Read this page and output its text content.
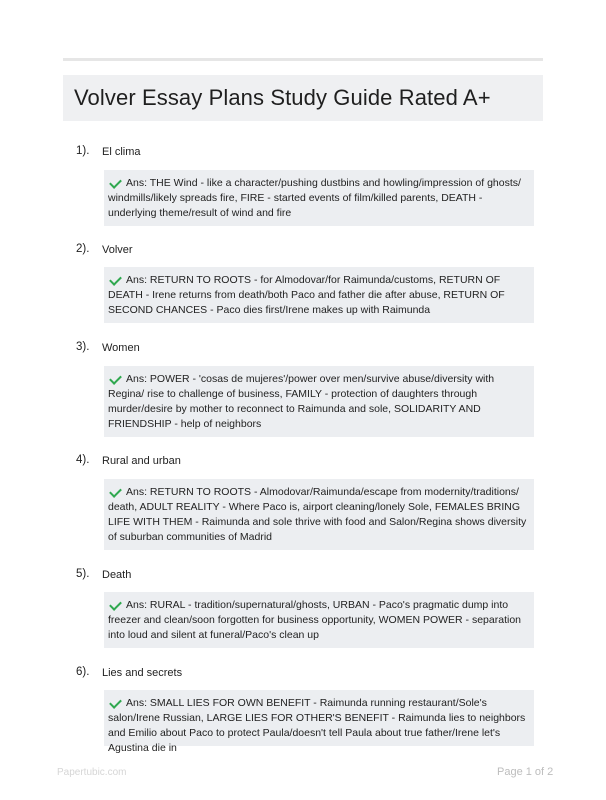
Volver Essay Plans Study Guide Rated A+
1). El clima
Ans: THE Wind - like a character/pushing dustbins and howling/impression of ghosts/ windmills/likely spreads fire, FIRE - started events of film/killed parents, DEATH - underlying theme/result of wind and fire
2). Volver
Ans: RETURN TO ROOTS - for Almodovar/for Raimunda/customs, RETURN OF DEATH - Irene returns from death/both Paco and father die after abuse, RETURN OF SECOND CHANCES - Paco dies first/Irene makes up with Raimunda
3). Women
Ans: POWER - 'cosas de mujeres'/power over men/survive abuse/diversity with Regina/ rise to challenge of business, FAMILY - protection of daughters through murder/desire by mother to reconnect to Raimunda and sole, SOLIDARITY AND FRIENDSHIP - help of neighbors
4). Rural and urban
Ans: RETURN TO ROOTS - Almodovar/Raimunda/escape from modernity/traditions/ death, ADULT REALITY - Where Paco is, airport cleaning/lonely Sole, FEMALES BRING LIFE WITH THEM - Raimunda and sole thrive with food and Salon/Regina shows diversity of suburban communities of Madrid
5). Death
Ans: RURAL - tradition/supernatural/ghosts, URBAN - Paco's pragmatic dump into freezer and clean/soon forgotten for business opportunity, WOMEN POWER - separation into loud and silent at funeral/Paco's clean up
6). Lies and secrets
Ans: SMALL LIES FOR OWN BENEFIT - Raimunda running restaurant/Sole's salon/Irene Russian, LARGE LIES FOR OTHER'S BENEFIT - Raimunda lies to neighbors and Emilio about Paco to protect Paula/doesn't tell Paula about true father/Irene let's Agustina die in
Papertubic.com	Page 1 of 2
